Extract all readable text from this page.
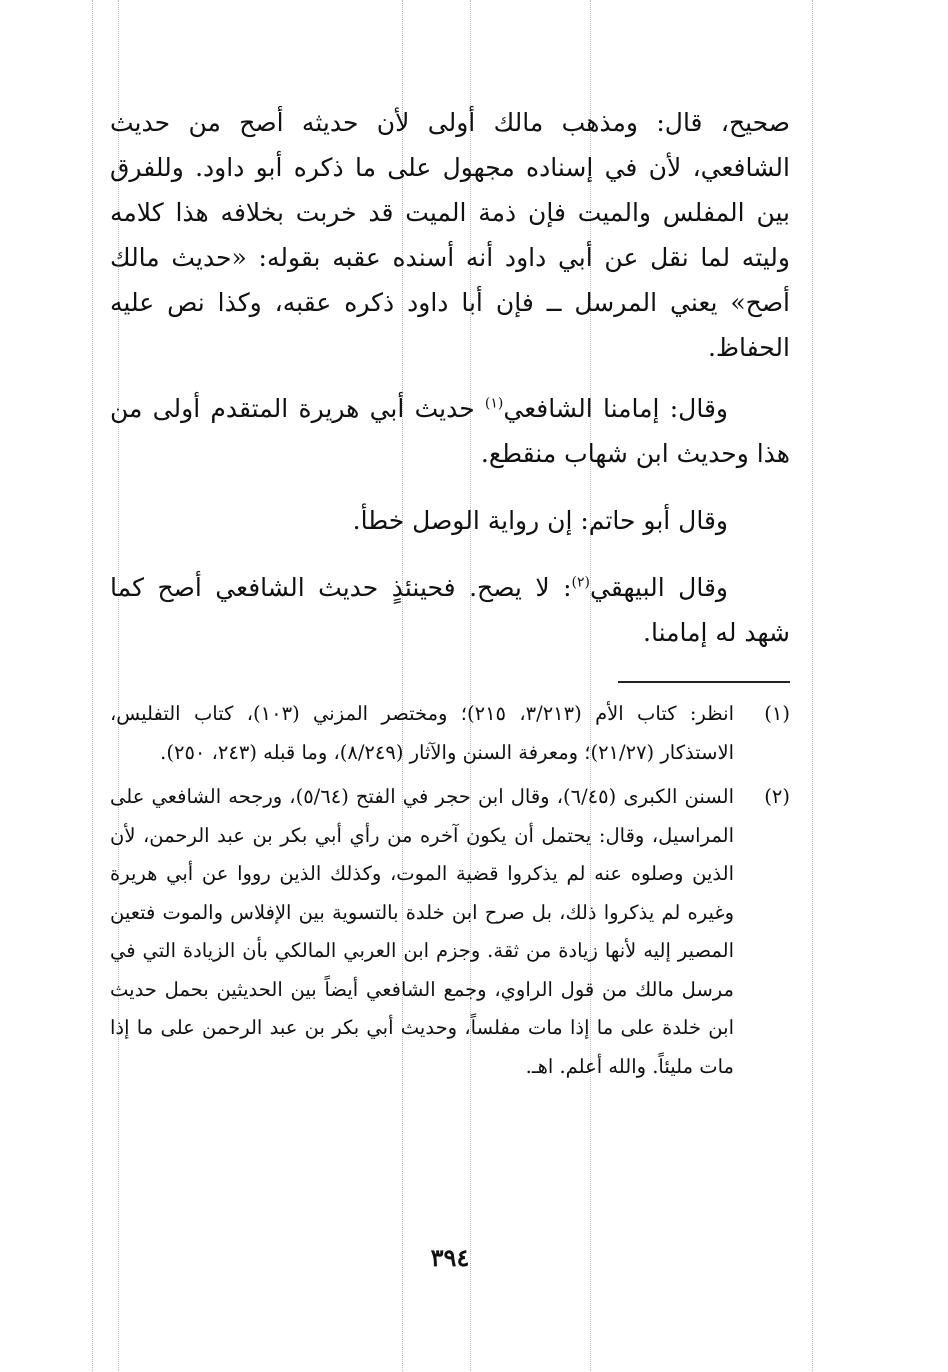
صحيح، قال: ومذهب مالك أولى لأن حديثه أصح من حديث الشافعي، لأن في إسناده مجهول على ما ذكره أبو داود. وللفرق بين المفلس والميت فإن ذمة الميت قد خربت بخلافه هذا كلامه وليته لما نقل عن أبي داود أنه أسنده عقبه بقوله: «حديث مالك أصح» يعني المرسل ــ فإن أبا داود ذكره عقبه، وكذا نص عليه الحفاظ.

وقال: إمامنا الشافعي$^{(١)}$ حديث أبي هريرة المتقدم أولى من هذا وحديث ابن شهاب منقطع.

وقال أبو حاتم: إن رواية الوصل خطأ.

وقال البيهقي$^{(٢)}$: لا يصح. فحينئذٍ حديث الشافعي أصح كما شهد له إمامنا.

(١)
انظر: كتاب الأم (٣/٢١٣، ٢١٥)؛ ومختصر المزني (١٠٣)، كتاب التفليس، الاستذكار (٢١/٢٧)؛ ومعرفة السنن والآثار (٨/٢٤٩)، وما قبله (٢٤٣، ٢٥٠).
(٢)
السنن الكبرى (٦/٤٥)، وقال ابن حجر في الفتح (٥/٦٤)، ورجحه الشافعي على المراسيل، وقال: يحتمل أن يكون آخره من رأي أبي بكر بن عبد الرحمن، لأن الذين وصلوه عنه لم يذكروا قضية الموت، وكذلك الذين رووا عن أبي هريرة وغيره لم يذكروا ذلك، بل صرح ابن خلدة بالتسوية بين الإفلاس والموت فتعين المصير إليه لأنها زيادة من ثقة. وجزم ابن العربي المالكي بأن الزيادة التي في مرسل مالك من قول الراوي، وجمع الشافعي أيضاً بين الحديثين بحمل حديث ابن خلدة على ما إذا مات مفلساً، وحديث أبي بكر بن عبد الرحمن على ما إذا مات مليئاً. والله أعلم. اهـ.
٣٩٤
